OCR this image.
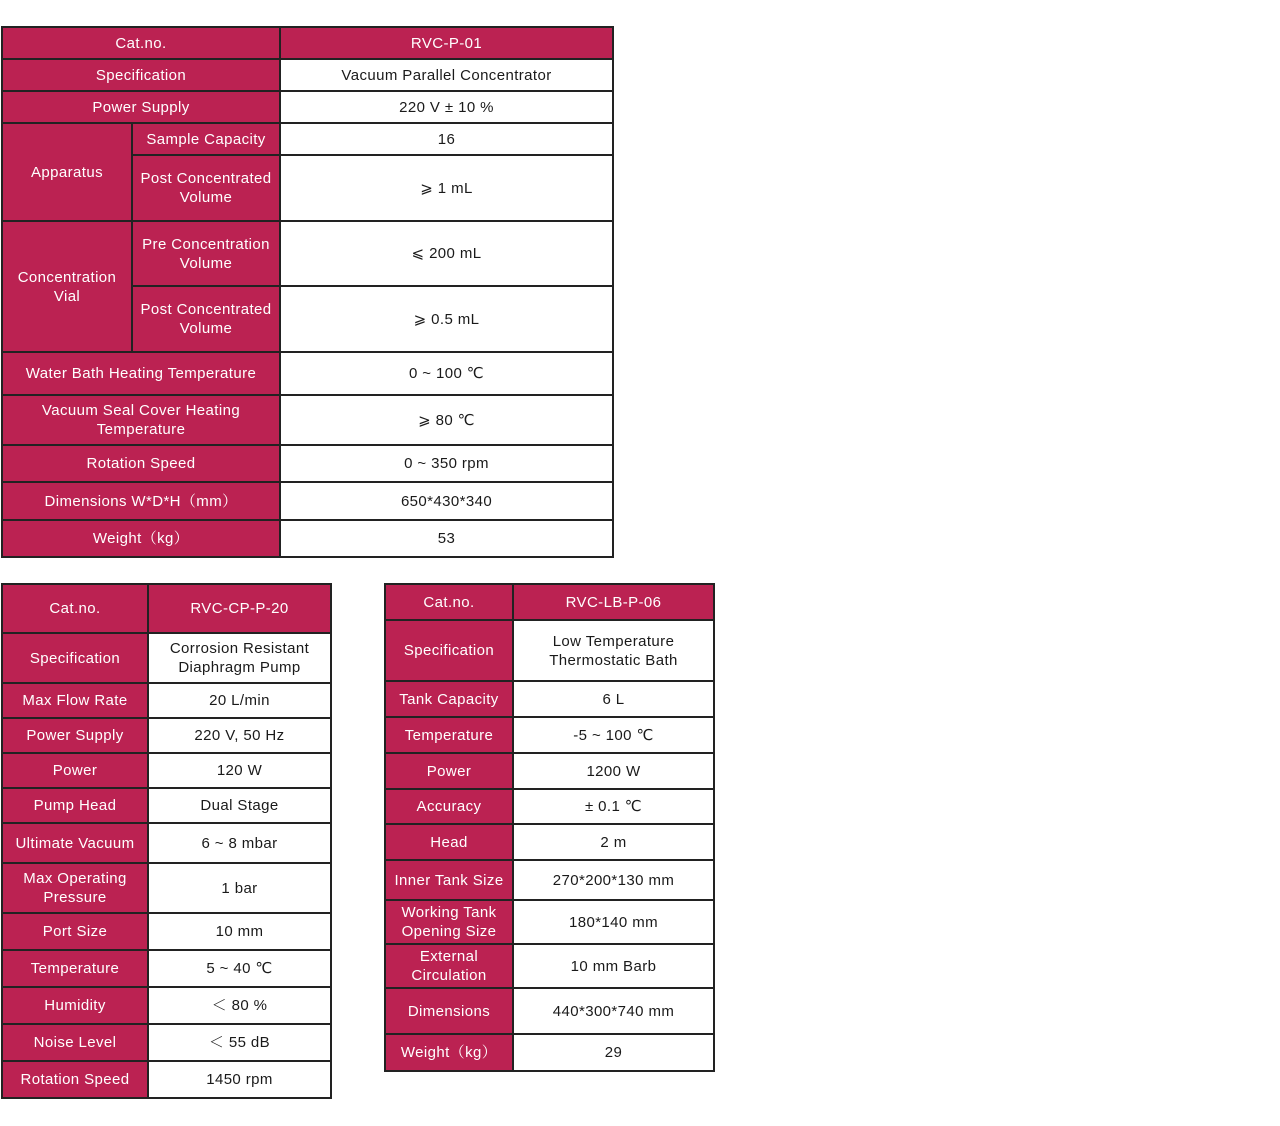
Cat.no.		RVC-P-01
Specification		Vacuum Parallel Concentrator
Power Supply		220 V ± 10 %
Apparatus	Sample Capacity	16
	Post Concentrated Volume	⩾ 1 mL
Concentration Vial	Pre Concentration Volume	⩽ 200 mL
	Post Concentrated Volume	⩾ 0.5 mL
Water Bath Heating Temperature		0 ~ 100 ℃
Vacuum Seal Cover Heating Temperature		⩾ 80 ℃
Rotation Speed		0 ~ 350 rpm
Dimensions W*D*H（mm）		650*430*340
Weight（kg）		53
Cat.no.	RVC-CP-P-20
Specification	Corrosion Resistant Diaphragm Pump
Max Flow Rate	20 L/min
Power Supply	220 V, 50 Hz
Power	120 W
Pump Head	Dual Stage
Ultimate Vacuum	6 ~ 8 mbar
Max Operating Pressure	1 bar
Port Size	10 mm
Temperature	5 ~ 40 ℃
Humidity	＜ 80 %
Noise Level	＜ 55 dB
Rotation Speed	1450 rpm
Cat.no.	RVC-LB-P-06
Specification	Low Temperature Thermostatic Bath
Tank Capacity	6 L
Temperature	-5 ~ 100 ℃
Power	1200 W
Accuracy	± 0.1 ℃
Head	2 m
Inner Tank Size	270*200*130 mm
Working Tank Opening Size	180*140 mm
External Circulation	10 mm Barb
Dimensions	440*300*740 mm
Weight（kg）	29
